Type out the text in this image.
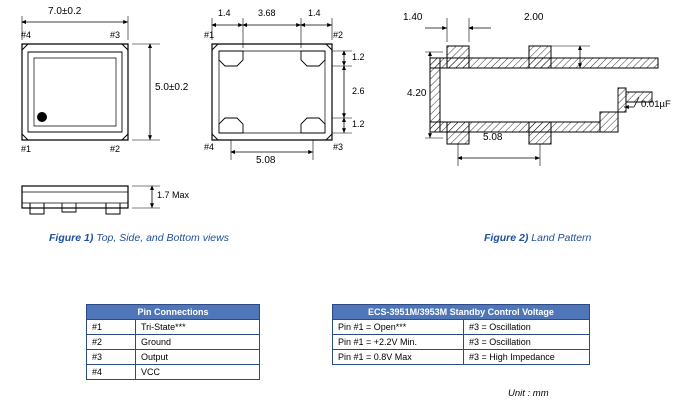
7.0±0.2
#4	#3
#1	#2
5.0±0.2
1.7 Max
1.4	3.68	1.4
#1	#2
#4	#3
1.2
2.6
1.2
5.08
1.40	2.00
4.20
5.08
0.01µF
Figure 1) Top, Side, and Bottom views	Figure 2) Land Pattern
Pin Connections	
#1	Tri-State***
#2	Ground
#3	Output
#4	VCC
ECS-3951M/3953M Standby Control Voltage	
Pin #1 = Open***	#3 = Oscillation
Pin #1 = +2.2V Min.	#3 = Oscillation
Pin #1 = 0.8V Max	#3 = High Impedance
Unit : mm
